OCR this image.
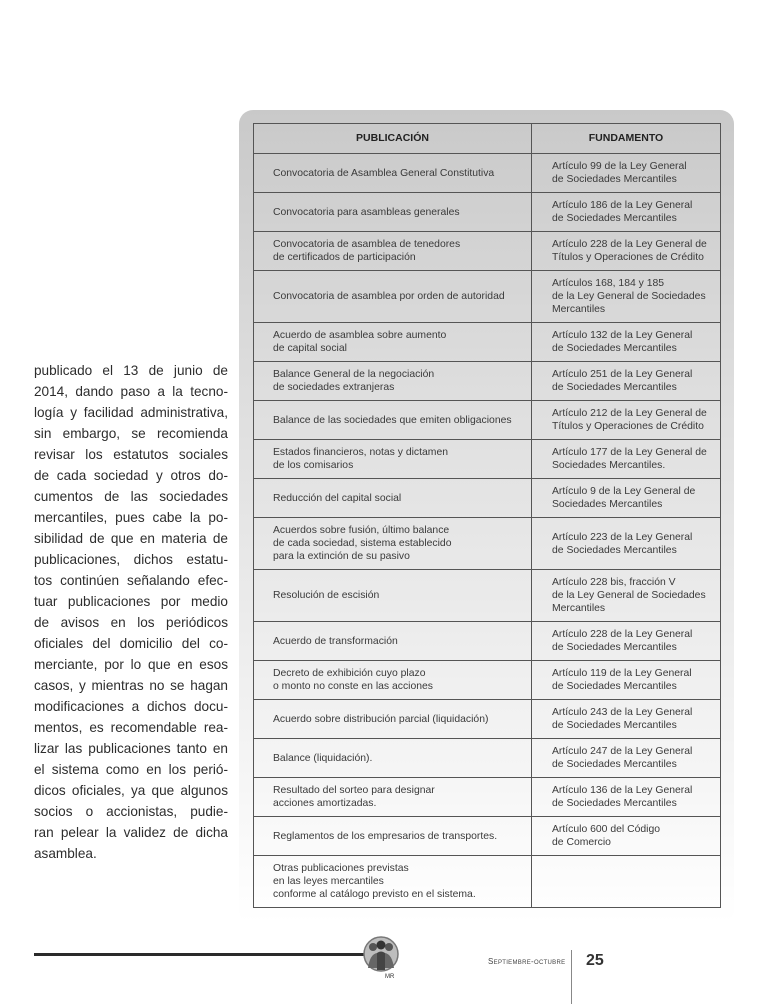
publicado el 13 de junio de
2014, dando paso a la tecno-
logía y facilidad administrativa,
sin embargo, se recomienda
revisar los estatutos sociales
de cada sociedad y otros do-
cumentos de las sociedades
mercantiles, pues cabe la po-
sibilidad de que en materia de
publicaciones, dichos estatu-
tos continúen señalando efec-
tuar publicaciones por medio
de avisos en los periódicos
oficiales del domicilio del co-
merciante, por lo que en esos
casos, y mientras no se hagan
modificaciones a dichos docu-
mentos, es recomendable rea-
lizar las publicaciones tanto en
el sistema como en los perió-
dicos oficiales, ya que algunos
socios o accionistas, pudie-
ran pelear la validez de dicha
asamblea.
PUBLICACIÓN	FUNDAMENTO
Convocatoria de Asamblea General Constitutiva	Artículo 99 de la Ley General
de Sociedades Mercantiles
Convocatoria para asambleas generales	Artículo 186 de la Ley General
de Sociedades Mercantiles
Convocatoria de asamblea de tenedores
de certificados de participación	Artículo 228 de la Ley General de
Títulos y Operaciones de Crédito
Convocatoria de asamblea por orden de autoridad	Artículos 168, 184 y 185
de la Ley General de Sociedades
Mercantiles
Acuerdo de asamblea sobre aumento
de capital social	Artículo 132 de la Ley General
de Sociedades Mercantiles
Balance General de la negociación
de sociedades extranjeras	Artículo 251 de la Ley General
de Sociedades Mercantiles
Balance de las sociedades que emiten obligaciones	Artículo 212 de la Ley General de
Títulos y Operaciones de Crédito
Estados financieros, notas y dictamen
de los comisarios	Artículo 177 de la Ley General de
Sociedades Mercantiles.
Reducción del capital social	Artículo 9 de la Ley General de
Sociedades Mercantiles
Acuerdos sobre fusión, último balance
de cada sociedad, sistema establecido
para la extinción de su pasivo	Artículo 223 de la Ley General
de Sociedades Mercantiles
Resolución de escisión	Artículo 228 bis, fracción V
de la Ley General de Sociedades
Mercantiles
Acuerdo de transformación	Artículo 228 de la Ley General
de Sociedades Mercantiles
Decreto de exhibición cuyo plazo
o monto no conste en las acciones	Artículo 119 de la Ley General
de Sociedades Mercantiles
Acuerdo sobre distribución parcial (liquidación)	Artículo 243 de la Ley General
de Sociedades Mercantiles
Balance (liquidación).	Artículo 247 de la Ley General
de Sociedades Mercantiles
Resultado del sorteo para designar
acciones amortizadas.	Artículo 136 de la Ley General
de Sociedades Mercantiles
Reglamentos de los empresarios de transportes.	Artículo 600 del Código
de Comercio
Otras publicaciones previstas
en las leyes mercantiles
conforme al catálogo previsto en el sistema.	
MR
Septiembre-octubre 25
